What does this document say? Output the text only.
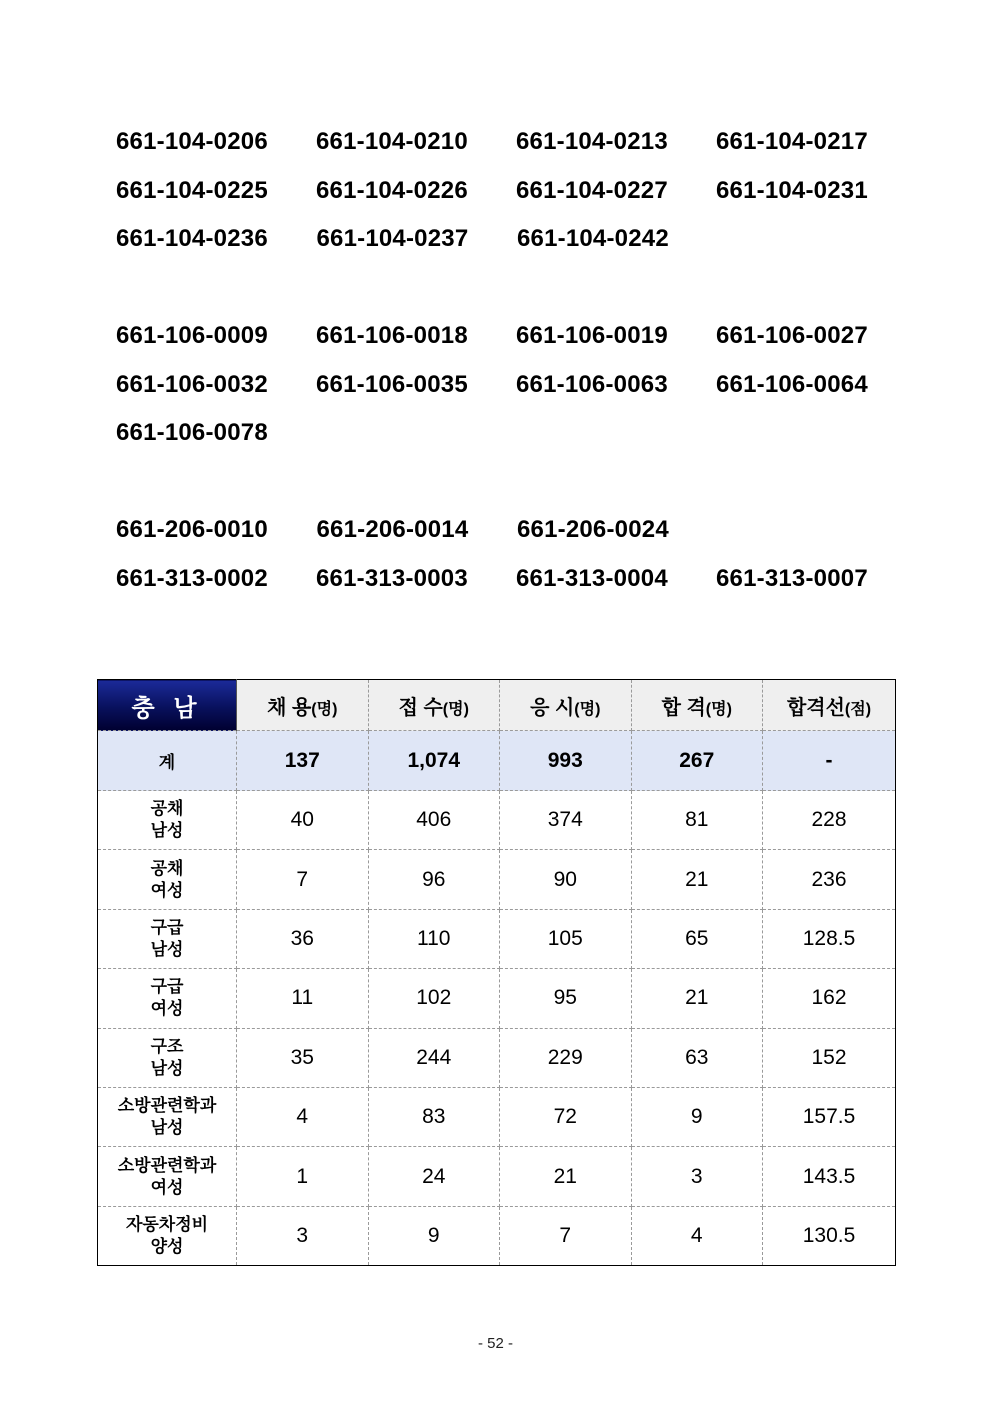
661-104-0206	661-104-0210	661-104-0213	661-104-0217
661-104-0225	661-104-0226	661-104-0227	661-104-0231
661-104-0236	661-104-0237	661-104-0242
661-106-0009	661-106-0018	661-106-0019	661-106-0027
661-106-0032	661-106-0035	661-106-0063	661-106-0064
661-106-0078
661-206-0010	661-206-0014	661-206-0024
661-313-0002	661-313-0003	661-313-0004	661-313-0007
충 남	채 용(명)	접 수(명)	응 시(명)	합 격(명)	합격선(점)
계	137	1,074	993	267	-

공채
남성	40	406	374	81	228

공채
여성	7	96	90	21	236

구급
남성	36	110	105	65	128.5

구급
여성	11	102	95	21	162

구조
남성	35	244	229	63	152

소방관련학과
남성	4	83	72	9	157.5

소방관련학과
여성	1	24	21	3	143.5

자동차정비
양성	3	9	7	4	130.5
- 52 -
